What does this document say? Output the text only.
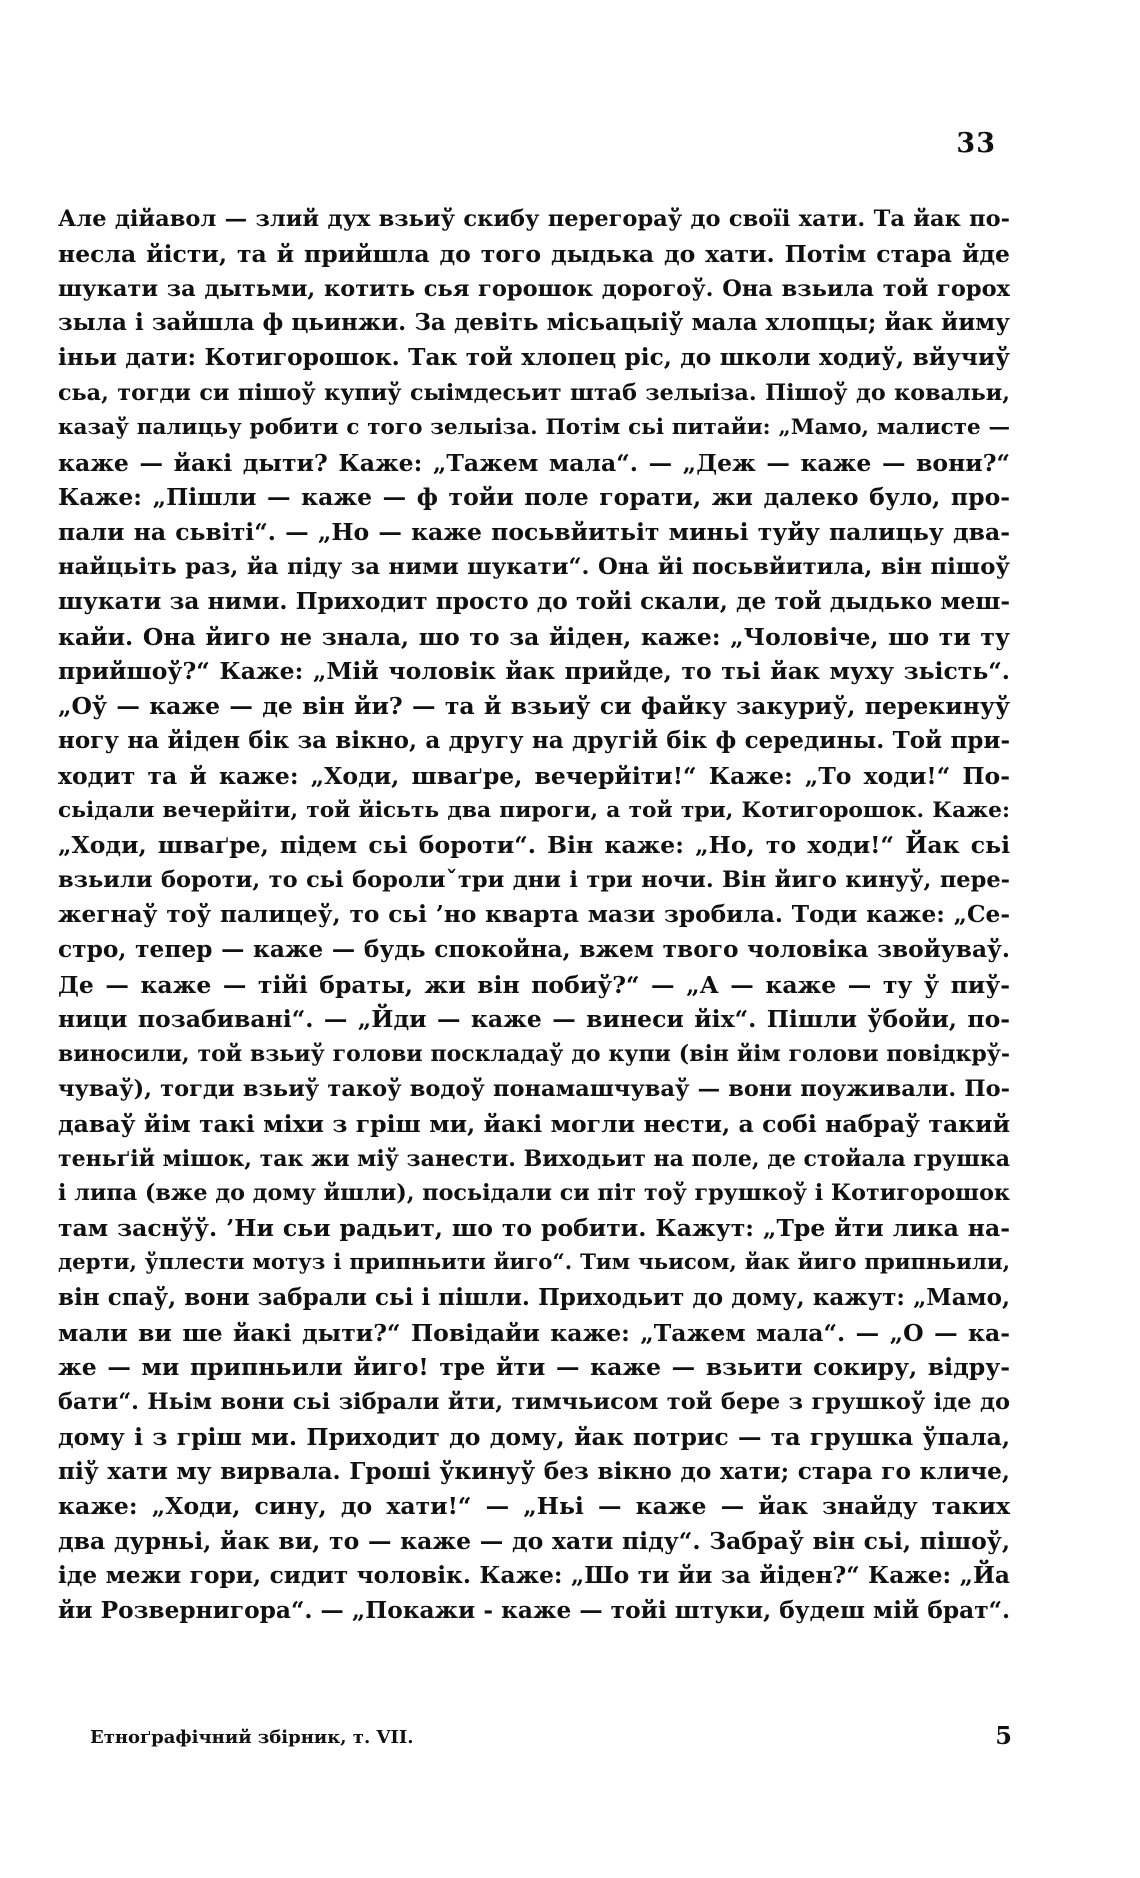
33
Але дійавол — злий дух взьиў скибу перегораў до своїі хати. Та йак по-
несла йісти, та й прийшла до того дыдька до хати. Потім стара йде
шукати за дытьми, котить сья горошок дорогоў. Она взьила той горох
зыла і зайшла ф цьинжи. За девіть місьацыіў мала хлопцы; йак йиму
іньи дати: Котигорошок. Так той хлопец ріс, до школи ходиў, вйучиў
сьа, тогди си пішоў купиў сыімдесьит штаб зелыіза. Пішоў до ковальи,
казаў палицьу робити с того зелыіза. Потім сьі питайи: „Мамо, малисте —
каже — йакі дыти? Каже: „Тажем мала“. — „Деж — каже — вони?“
Каже: „Пішли — каже — ф тойи поле горати, жи далеко було, про-
пали на сьвіті“. — „Но — каже посьвйитьіт миньі туйу палицьу два-
найцьіть раз, йа піду за ними шукати“. Она йі посьвйитила, він пішоў
шукати за ними. Приходит просто до тойі скали, де той дыдько меш-
кайи. Она йиго не знала, шо то за йіден, каже: „Чоловіче, шо ти ту
прийшоў?“ Каже: „Мій чоловік йак прийде, то тьі йак муху зьість“.
„Оў — каже — де він йи? — та й взьиў си файку закуриў, перекинуў
ногу на йіден бік за вікно, а другу на другій бік ф середины. Той при-
ходит та й каже: „Ходи, шваґре, вечерйіти!“ Каже: „То ходи!“ По-
сьідали вечерйіти, той йісьть два пироги, а той три, Котигорошок. Каже:
„Ходи, шваґре, підем сьі бороти“. Він каже: „Но, то ходи!“ Йак сьі
взьили бороти, то сьі боролиˇтри дни і три ночи. Він йиго кинуў, пере-
жегнаў тоў палицеў, то сьі ’но кварта мази зробила. Тоди каже: „Се-
стро, тепер — каже — будь спокойна, вжем твого чоловіка звойуваў.
Де — каже — тійі браты, жи він побиў?“ — „А — каже — ту ў пиў-
ници позабивані“. — „Йди — каже — винеси йіх“. Пішли ўбойи, по-
виносили, той взьиў голови поскладаў до купи (він йім голови повідкрў-
чуваў), тогди взьиў такоў водоў понамашчуваў — вони поуживали. По-
даваў йім такі міхи з гріш ми, йакі могли нести, а собі набраў такий
теньґій мішок, так жи міў занести. Виходьит на поле, де стойала грушка
і липа (вже до дому йшли), посьідали си піт тоў грушкоў і Котигорошок
там заснўў. ’Ни сьи радьит, шо то робити. Кажут: „Тре йти лика на-
дерти, ўплести мотуз і припньити йиго“. Тим чьисом, йак йиго припньили,
він спаў, вони забрали сьі і пішли. Приходьит до дому, кажут: „Мамо,
мали ви ше йакі дыти?“ Повідайи каже: „Тажем мала“. — „О — ка-
же — ми припньили йиго! тре йти — каже — взьити сокиру, відру-
бати“. Ньім вони сьі зібрали йти, тимчьисом той бере з грушкоў іде до
дому і з гріш ми. Приходит до дому, йак потрис — та грушка ўпала,
піў хати му вирвала. Гроші ўкинуў без вікно до хати; стара го кличе,
каже: „Ходи, сину, до хати!“ — „Ньі — каже — йак знайду таких
два дурньі, йак ви, то — каже — до хати піду“. Забраў він сьі, пішоў,
іде межи гори, сидит чоловік. Каже: „Шо ти йи за йіден?“ Каже: „Йа
йи Розвернигора“. — „Покажи - каже — тойі штуки, будеш мій брат“.
Етноґрафічний збірник, т. VII.	5
